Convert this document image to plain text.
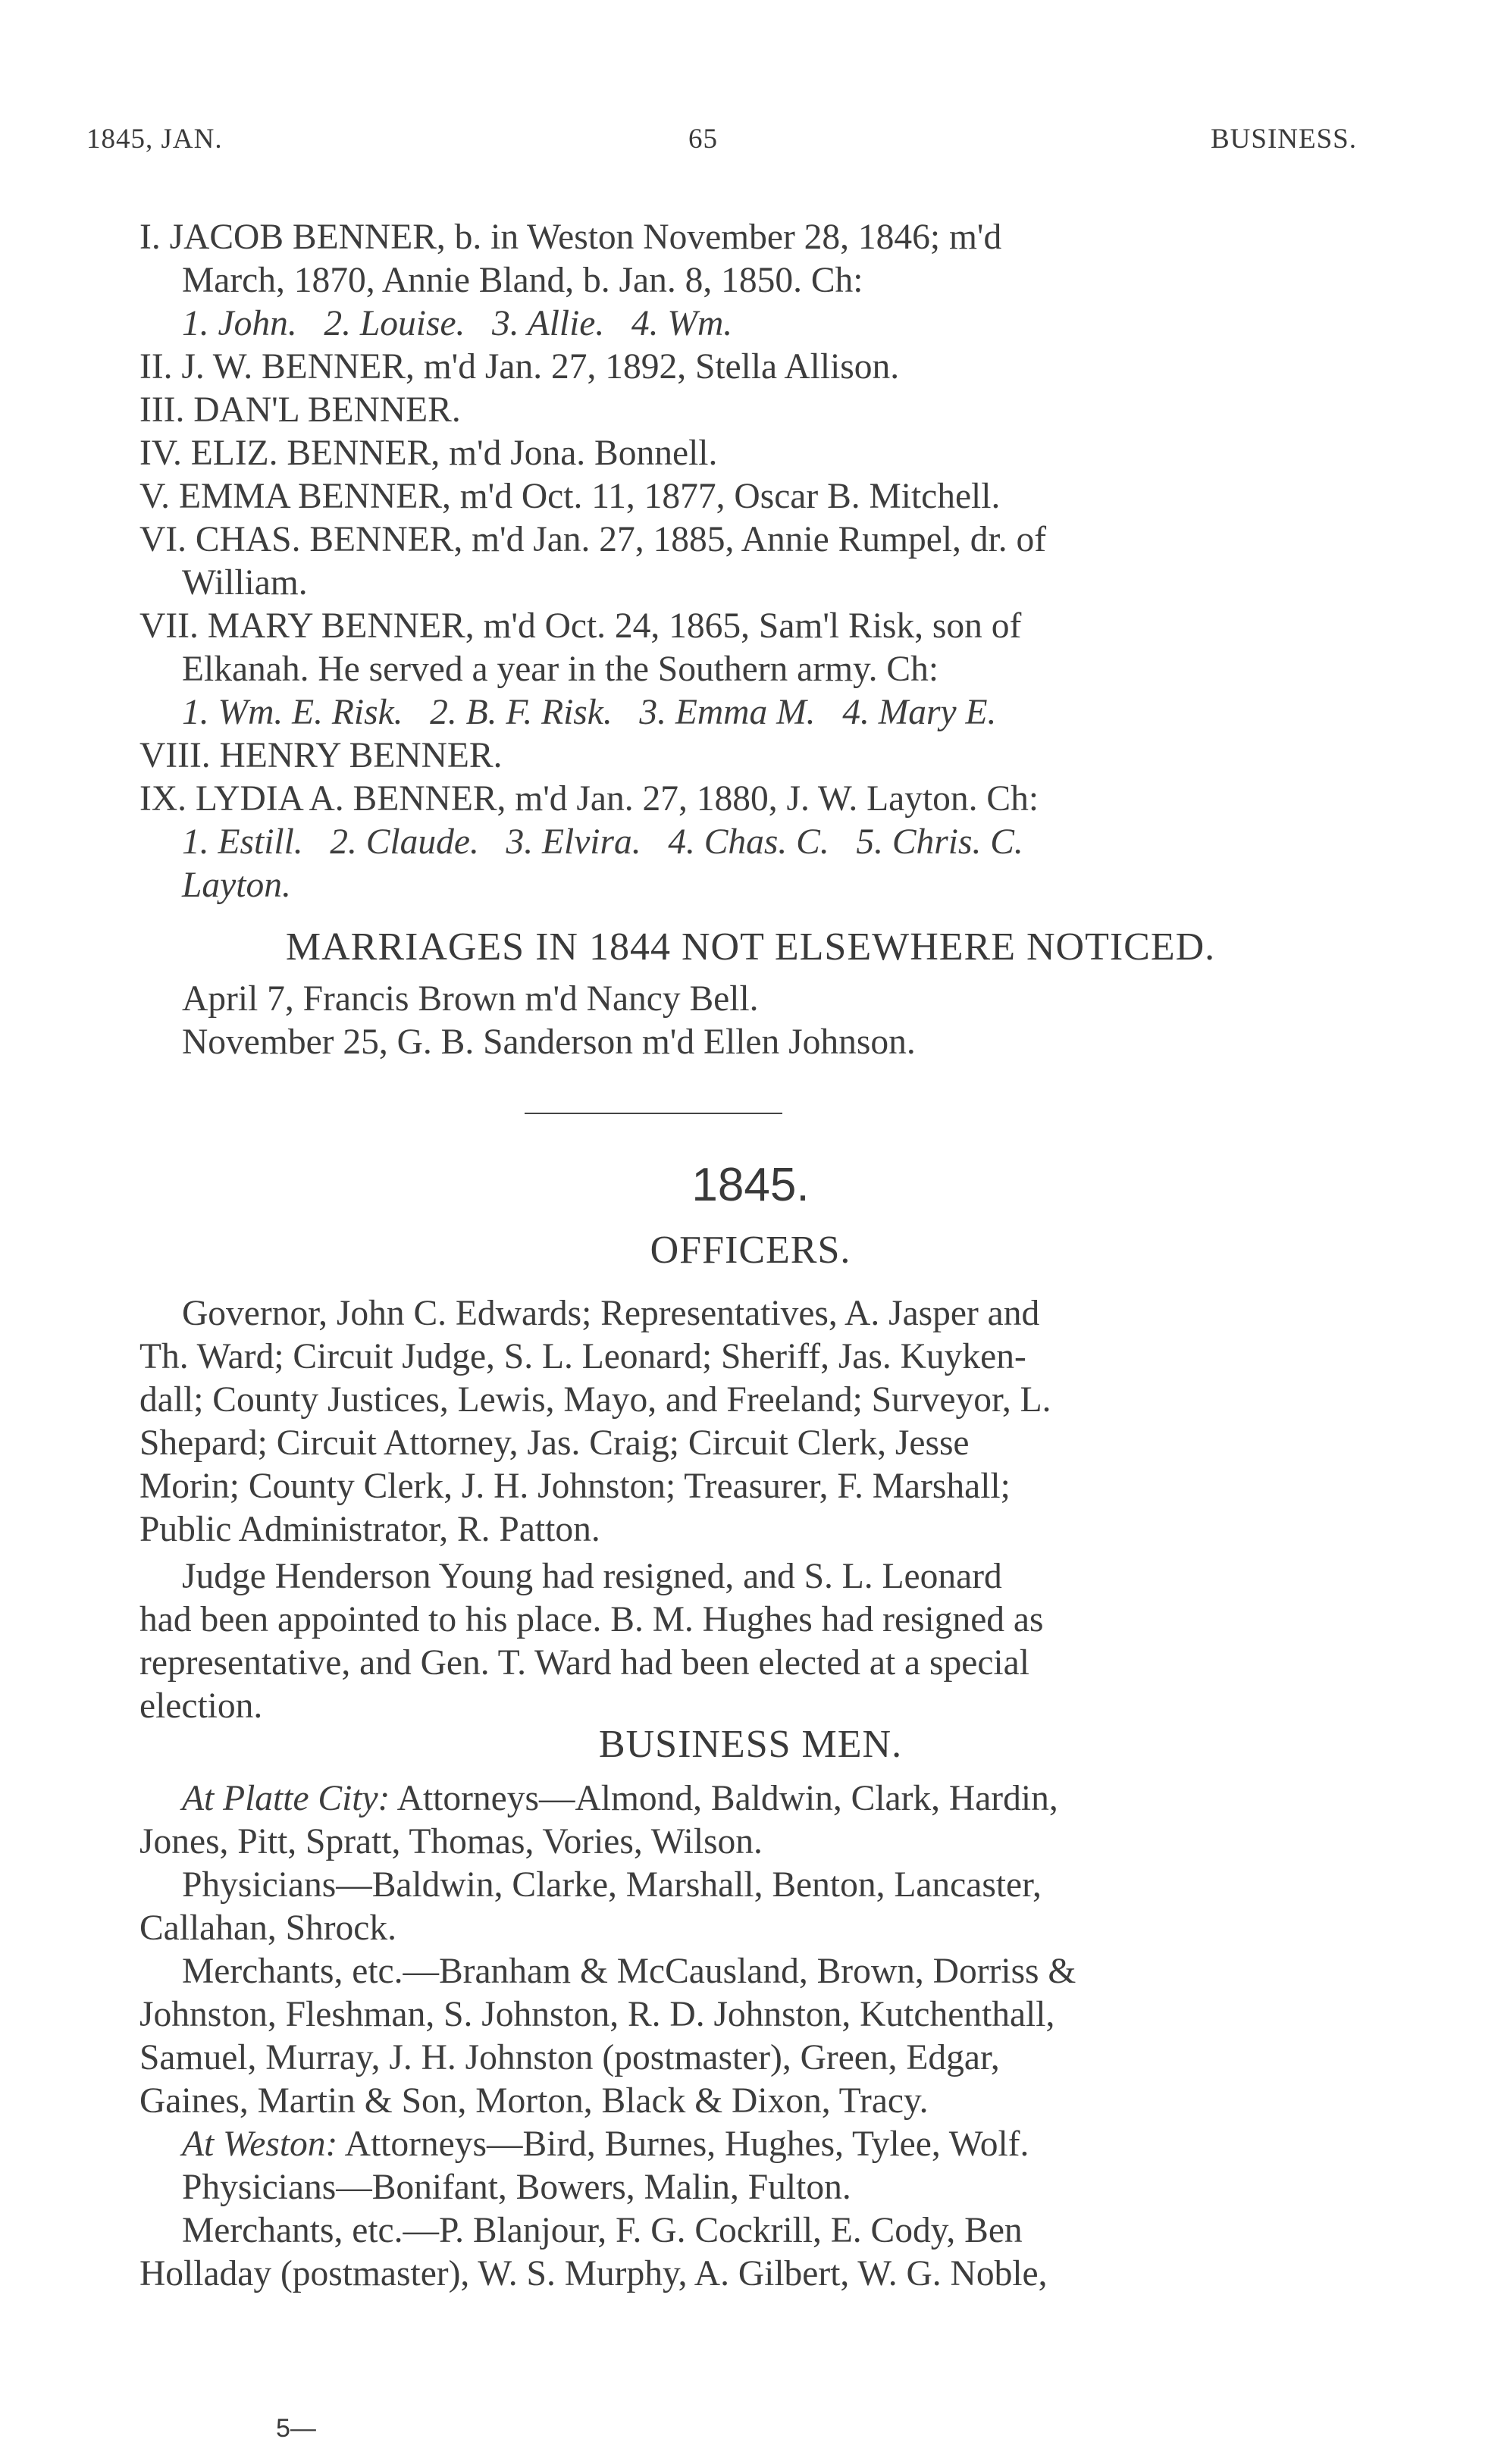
1845, JAN.	65	BUSINESS.
I. JACOB BENNER, b. in Weston November 28, 1846; m'd
March, 1870, Annie Bland, b. Jan. 8, 1850. Ch:
1. John. 2. Louise. 3. Allie. 4. Wm.
II. J. W. BENNER, m'd Jan. 27, 1892, Stella Allison.
III. DAN'L BENNER.
IV. ELIZ. BENNER, m'd Jona. Bonnell.
V. EMMA BENNER, m'd Oct. 11, 1877, Oscar B. Mitchell.
VI. CHAS. BENNER, m'd Jan. 27, 1885, Annie Rumpel, dr. of
William.
VII. MARY BENNER, m'd Oct. 24, 1865, Sam'l Risk, son of
Elkanah. He served a year in the Southern army. Ch:
1. Wm. E. Risk. 2. B. F. Risk. 3. Emma M. 4. Mary E.
VIII. HENRY BENNER.
IX. LYDIA A. BENNER, m'd Jan. 27, 1880, J. W. Layton. Ch:
1. Estill. 2. Claude. 3. Elvira. 4. Chas. C. 5. Chris. C.
Layton.
MARRIAGES IN 1844 NOT ELSEWHERE NOTICED.
April 7, Francis Brown m'd Nancy Bell.
November 25, G. B. Sanderson m'd Ellen Johnson.
1845.
OFFICERS.
Governor, John C. Edwards; Representatives, A. Jasper and
Th. Ward; Circuit Judge, S. L. Leonard; Sheriff, Jas. Kuyken-
dall; County Justices, Lewis, Mayo, and Freeland; Surveyor, L.
Shepard; Circuit Attorney, Jas. Craig; Circuit Clerk, Jesse
Morin; County Clerk, J. H. Johnston; Treasurer, F. Marshall;
Public Administrator, R. Patton.
Judge Henderson Young had resigned, and S. L. Leonard
had been appointed to his place. B. M. Hughes had resigned as
representative, and Gen. T. Ward had been elected at a special
election.
BUSINESS MEN.
At Platte City: Attorneys—Almond, Baldwin, Clark, Hardin,
Jones, Pitt, Spratt, Thomas, Vories, Wilson.
Physicians—Baldwin, Clarke, Marshall, Benton, Lancaster,
Callahan, Shrock.
Merchants, etc.—Branham & McCausland, Brown, Dorriss &
Johnston, Fleshman, S. Johnston, R. D. Johnston, Kutchenthall,
Samuel, Murray, J. H. Johnston (postmaster), Green, Edgar,
Gaines, Martin & Son, Morton, Black & Dixon, Tracy.
At Weston: Attorneys—Bird, Burnes, Hughes, Tylee, Wolf.
Physicians—Bonifant, Bowers, Malin, Fulton.
Merchants, etc.—P. Blanjour, F. G. Cockrill, E. Cody, Ben
Holladay (postmaster), W. S. Murphy, A. Gilbert, W. G. Noble,
5—
